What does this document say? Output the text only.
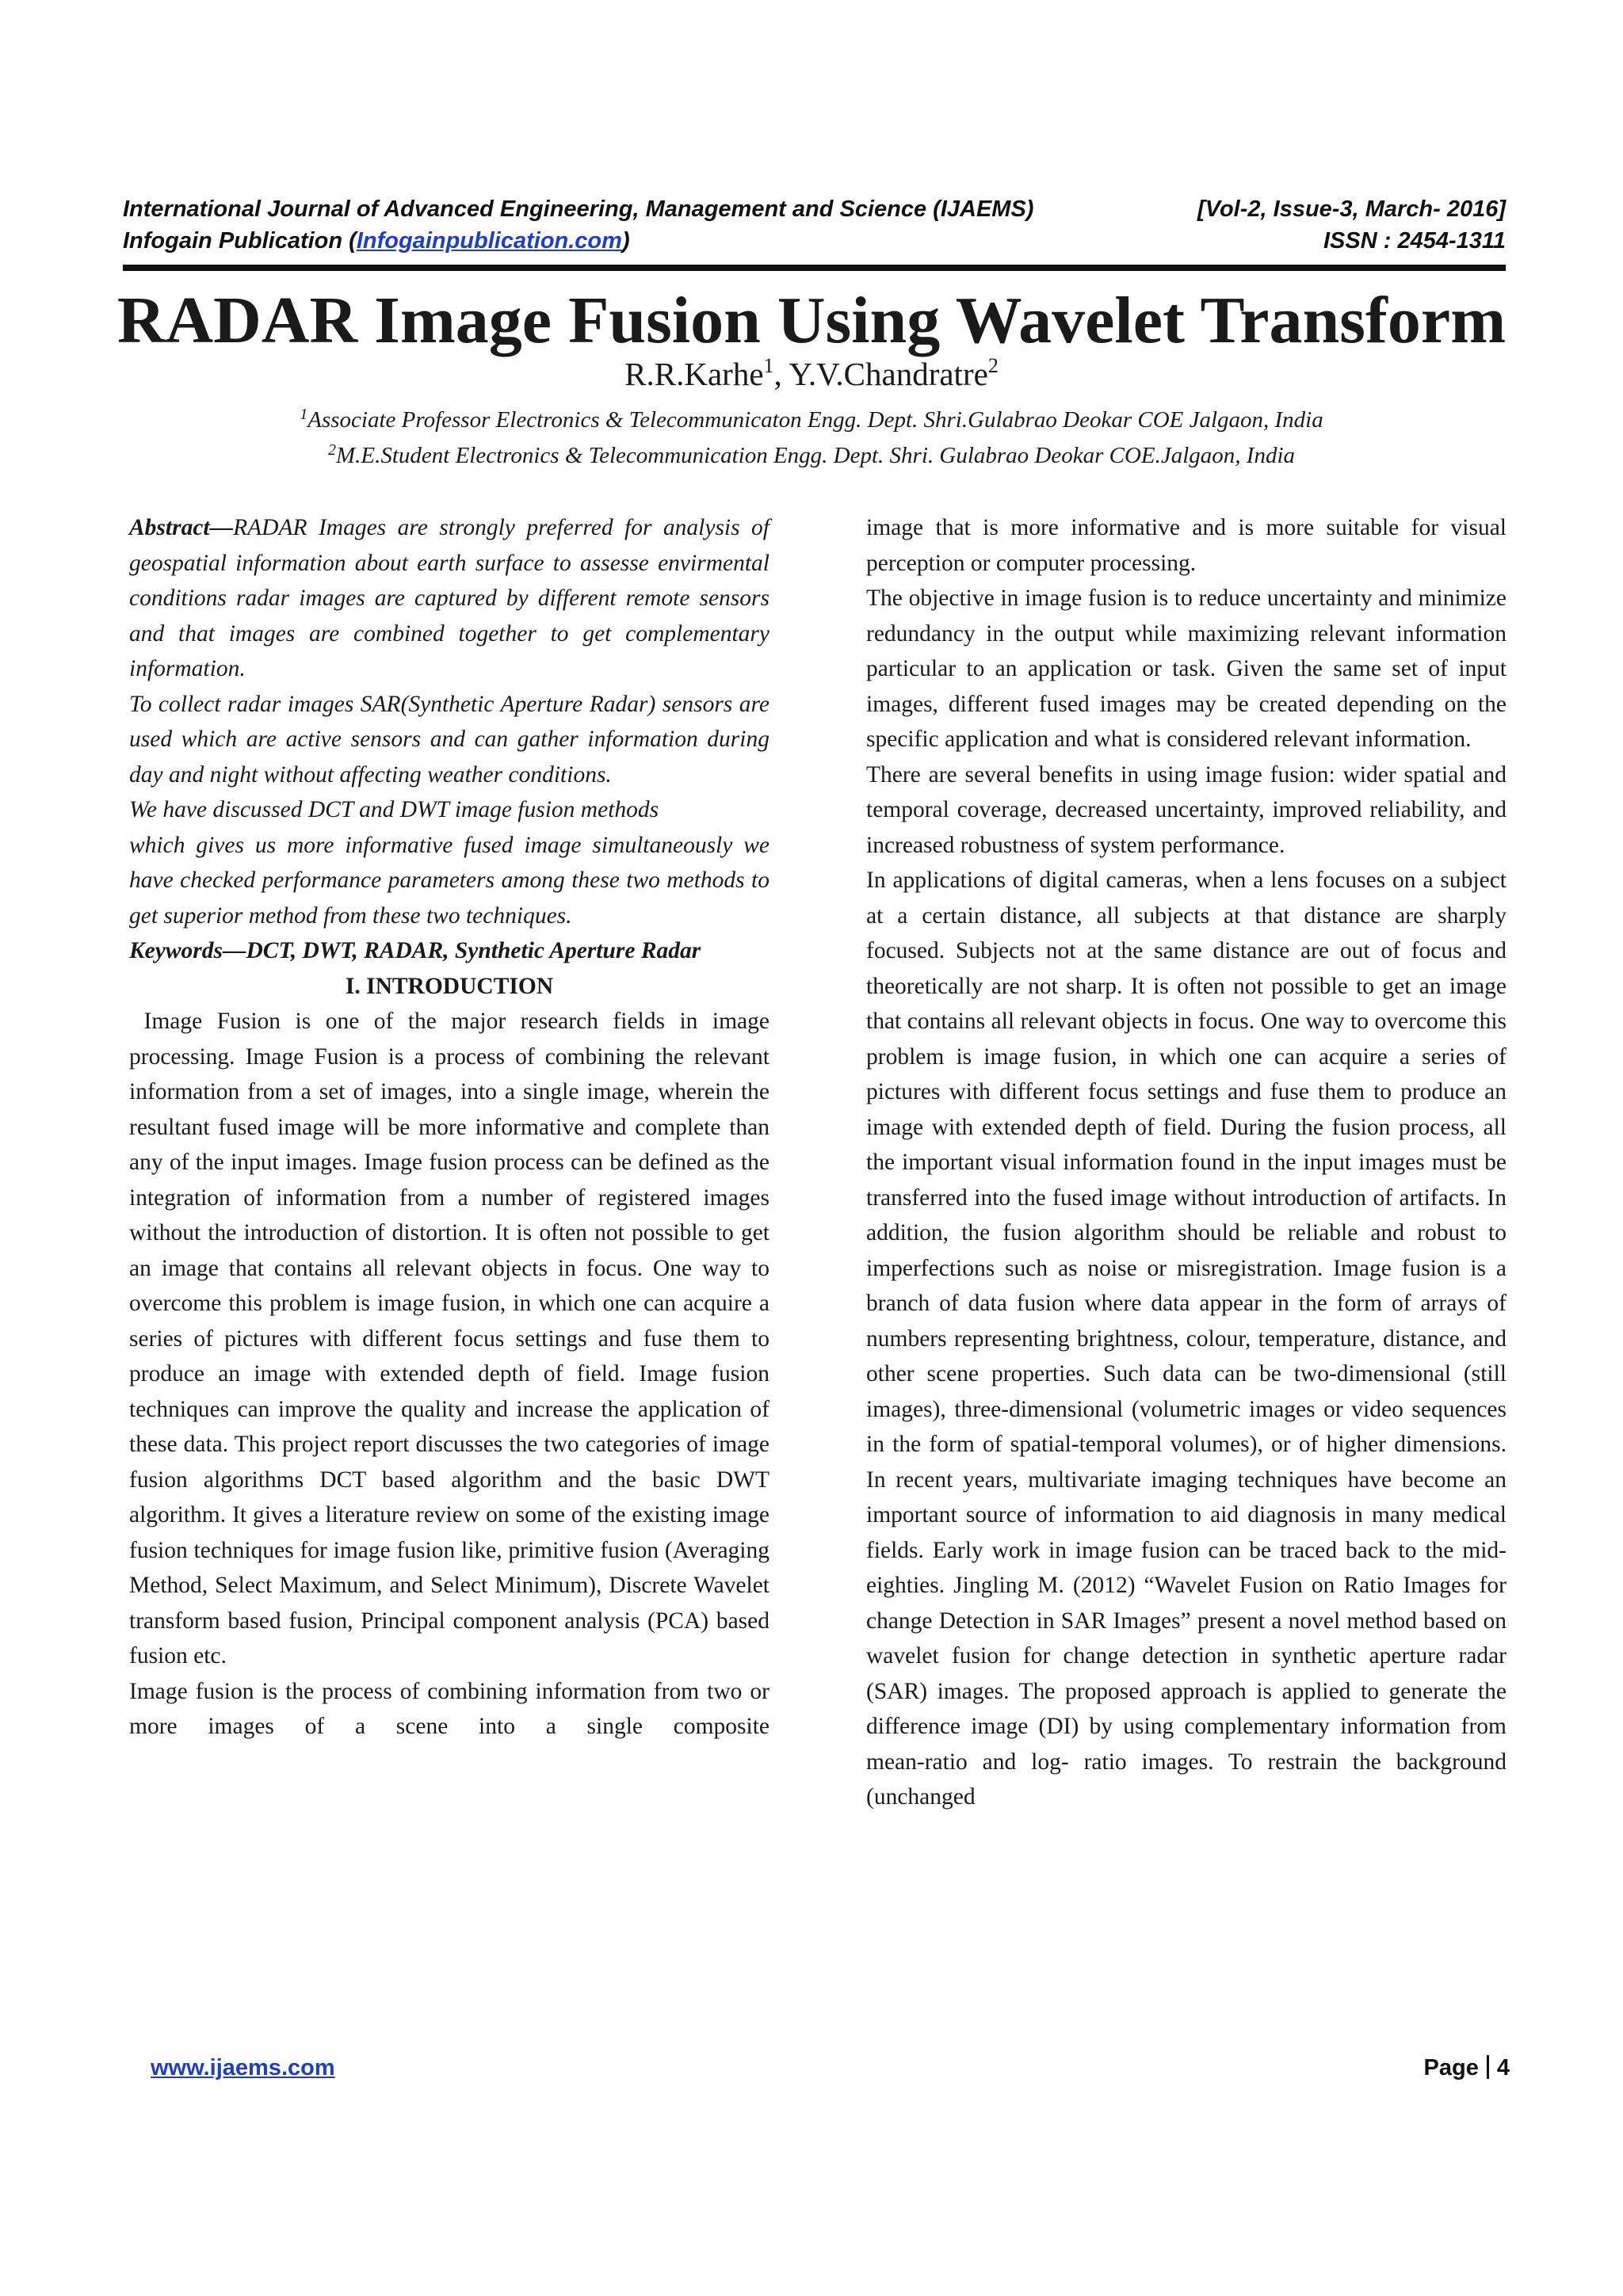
International Journal of Advanced Engineering, Management and Science (IJAEMS)	[Vol-2, Issue-3, March- 2016]
Infogain Publication (Infogainpublication.com)	ISSN : 2454-1311
RADAR Image Fusion Using Wavelet Transform
R.R.Karhe$^1$, Y.V.Chandratre$^2$
$^1$Associate Professor Electronics & Telecommunicaton Engg. Dept. Shri.Gulabrao Deokar COE Jalgaon, India
$^2$M.E.Student Electronics & Telecommunication Engg. Dept. Shri. Gulabrao Deokar COE.Jalgaon, India

Abstract—RADAR Images are strongly preferred for analysis of geospatial information about earth surface to assesse envirmental conditions radar images are captured by different remote sensors and that images are combined together to get complementary information.

To collect radar images SAR(Synthetic Aperture Radar) sensors are used which are active sensors and can gather information during day and night without affecting weather conditions.

We have discussed DCT and DWT image fusion methods

which gives us more informative fused image simultaneously we have checked performance parameters among these two methods to get superior method from these two techniques.

Keywords—DCT, DWT, RADAR, Synthetic Aperture Radar

I. INTRODUCTION

Image Fusion is one of the major research fields in image processing. Image Fusion is a process of combining the relevant information from a set of images, into a single image, wherein the resultant fused image will be more informative and complete than any of the input images. Image fusion process can be defined as the integration of information from a number of registered images without the introduction of distortion. It is often not possible to get an image that contains all relevant objects in focus. One way to overcome this problem is image fusion, in which one can acquire a series of pictures with different focus settings and fuse them to produce an image with extended depth of field. Image fusion techniques can improve the quality and increase the application of these data. This project report discusses the two categories of image fusion algorithms DCT based algorithm and the basic DWT algorithm. It gives a literature review on some of the existing image fusion techniques for image fusion like, primitive fusion (Averaging Method, Select Maximum, and Select Minimum), Discrete Wavelet transform based fusion, Principal component analysis (PCA) based fusion etc.

Image fusion is the process of combining information from two or more images of a scene into a single composite

image that is more informative and is more suitable for visual perception or computer processing.

The objective in image fusion is to reduce uncertainty and minimize redundancy in the output while maximizing relevant information particular to an application or task. Given the same set of input images, different fused images may be created depending on the specific application and what is considered relevant information.

There are several benefits in using image fusion: wider spatial and temporal coverage, decreased uncertainty, improved reliability, and increased robustness of system performance.

In applications of digital cameras, when a lens focuses on a subject at a certain distance, all subjects at that distance are sharply focused. Subjects not at the same distance are out of focus and theoretically are not sharp. It is often not possible to get an image that contains all relevant objects in focus. One way to overcome this problem is image fusion, in which one can acquire a series of pictures with different focus settings and fuse them to produce an image with extended depth of field. During the fusion process, all the important visual information found in the input images must be transferred into the fused image without introduction of artifacts. In addition, the fusion algorithm should be reliable and robust to imperfections such as noise or misregistration. Image fusion is a branch of data fusion where data appear in the form of arrays of numbers representing brightness, colour, temperature, distance, and other scene properties. Such data can be two-dimensional (still images), three-dimensional (volumetric images or video sequences in the form of spatial-temporal volumes), or of higher dimensions. In recent years, multivariate imaging techniques have become an important source of information to aid diagnosis in many medical fields. Early work in image fusion can be traced back to the mid-eighties. Jingling M. (2012) “Wavelet Fusion on Ratio Images for change Detection in SAR Images” present a novel method based on wavelet fusion for change detection in synthetic aperture radar (SAR) images. The proposed approach is applied to generate the difference image (DI) by using complementary information from mean-ratio and log- ratio images. To restrain the background (unchanged

www.ijaems.com	Page 4
